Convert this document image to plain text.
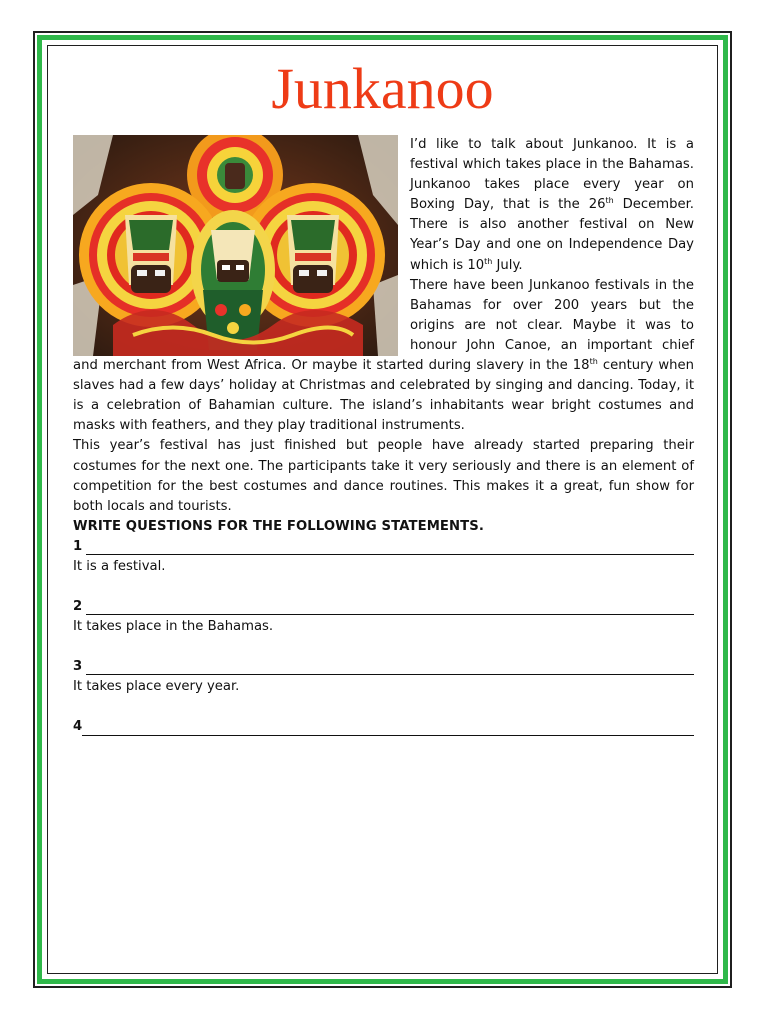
Junkanoo

I’d like to talk about Junkanoo. It is a festival which takes place in the Bahamas. Junkanoo takes place every year on Boxing Day, that is the 26th December. There is also another festival on New Year’s Day and one on Independence Day which is 10th July.

There have been Junkanoo festivals in the Bahamas for over 200 years but the origins are not clear. Maybe it was to honour John Canoe, an important chief and merchant from West Africa. Or maybe it started during slavery in the 18th century when slaves had a few days’ holiday at Christmas and celebrated by singing and dancing. Today, it is a celebration of Bahamian culture. The island’s inhabitants wear bright costumes and masks with feathers, and they play traditional instruments.

This year’s festival has just finished but people have already started preparing their costumes for the next one. The participants take it very seriously and there is an element of competition for the best costumes and dance routines. This makes it a great, fun show for both locals and tourists.

WRITE QUESTIONS FOR THE FOLLOWING STATEMENTS.

1
It is a festival.
2
It takes place in the Bahamas.
3
It takes place every year.
4
